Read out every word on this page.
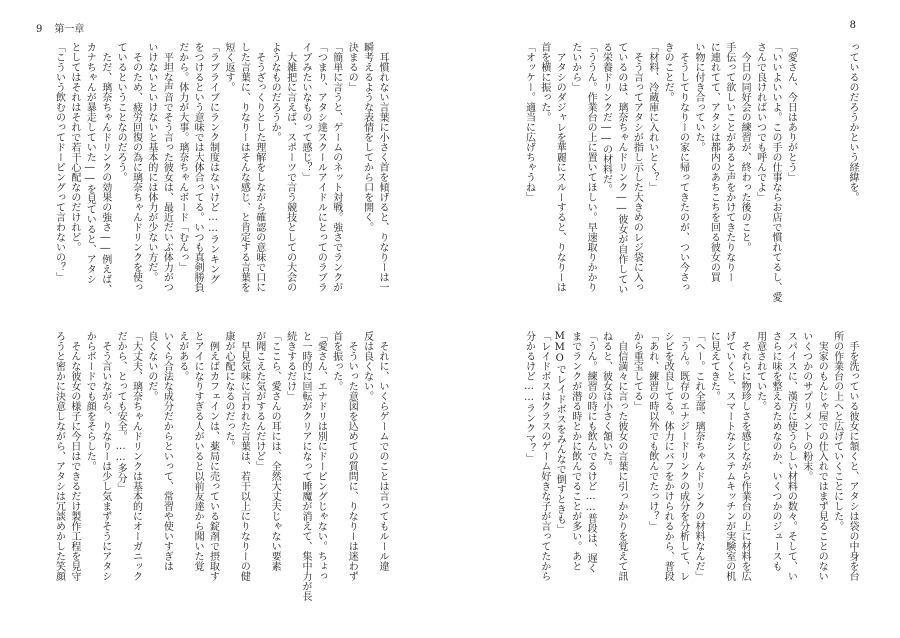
9 第一章
　耳慣れない言葉に小さく首を傾げると、りなりーは一
瞬考えるような表情をしてから口を開く。
決まるの」
「簡単に言うと、ゲームのネット対戦。強さでランクが
「つまり、アタシ達スクールアイドルにとってのラブラ
イブみたいなものって感じ？」
　大雑把に言えば、スポーツで言う競技としての大会の
ようなものだろうか。
　そうざっくりとした理解をしながら確認の意味で口に
した言葉に、りなりーはそんな感じ、と肯定する言葉を
短く返す。
「ラブライブにランク制度はないけど……ランキング
をつけるという意味では大体合ってる。いつも真剣勝負
だから。体力が大事。璃奈ちゃんボード「むんっ」
　平坦な声音でそう言った彼女は、最近だいぶ体力がつ
いけないといけないと基本的には体力が少ない方だ。
　そのため、疲労回復の為に璃奈ちゃんドリンクを使っ
ているということなのだろう。
　ただ、璃奈ちゃんドリンクの効果の強さ――例えば、
カナちゃんが暴走していた――を見ていると、アタシ
としてはそれはそれで若干心配なのだけれど。
「こういう飲むのってドーピングって言わないの？」
　それに、いくらゲームでのことは言ってもルール違
反は良くない。
　そういった意図を込めての質問に、りなりーは迷わず
首を振った。
「愛さん、エナドリは別にドーピングじゃない。ちょっ
と一時的に回転がクリアになって睡魔が消えて、集中力が長
続きするだけ」
「ここら、愛さんの耳には、全然大丈夫じゃない要素
が聞こえた気がするんだけど」
　早見気味に言われた言葉は、若干以上にりなりーの健
康が心配になるのだった。
　例えばカフェインは、薬局に売っている錠剤で摂取す
とアイになりすぎる人がいると以前友達から聞いた覚
えがある。
いくら合法な成分だからといって、常習や使いすぎは
良くないのだ。
「大丈夫、璃奈ちゃんドリンクは基本的にオーガニック
だから、とっても安全。……多分」
　そう言いながら、りなりーは少し気まずそうにアタシ
からボードでも顔をそらした。
　そんな彼女の様子に今日はできるだけ製作工程を見守
ろうと密かに決意しながら、アタシは冗談めかした笑顔
8
っているのだろうかという経緯を。

「愛さん、今日はありがとう」
「いいよいいよ。この手の仕事ならお店で慣れてるし、愛
さんで良ければいつでも呼んでよ」
　今日の同好会の練習が、終わった後のこと。
手伝って欲しいことがあると声をかけてきたりなりー
に連れてて、アタシは都内のあちこちを回る彼女の買
い物に付き合っていた。
　そうしてりなりーの家に帰ってきたのが、つい今さっ
きのことだ。
「材料、冷蔵庫に入れいとく？」
　そう言ってアタシが指し示した大きめのレジ袋に入っ
ているのは、璃奈ちゃんドリンク――彼女が自作してい
る栄養ドリンクだ――の材料だ。
「ううん。作業台の上に置いてほしい。早速取りかかり
たいから」
　アタシのダジャレを華麗にスルーすると、りなりーは
首を横に振った。
「オッケー。適当に広げちゃうね」
　手を洗っている彼女に頷くと、アタシは袋の中身を台
所の作業台の上へと広げていくことにした。
　実家のもんじゃ屋での仕入れではまず見ることのない
いくつかのサプリメントの粉末。
スパイスに、漢方に使うらしい材料の数々。そして、い
さらに味を整えるためなのか、いくつかのジュースも
用意されていた。
　それらに物珍しさを感じながら作業台の上に材料を広
げていくと、スマートなシステムキッチンが実験室の机
に見えてきた。
「へー。これ全部、璃奈ちゃんドリンクの材料なんだ」
「うん。既存のエナジードリンクの成分を分析して、レ
シピを改良してる。体力にバフをかけられるから、普段
「あれ、練習の時以外でも飲んでたっけ？」
から重宝してる」
　自信満々に言った彼女の言葉に引っかかりを覚えて訊
ねると、彼女は小さく頷いた。
「うん。練習の時にも飲んでるけど……普段は、遅く
までランクが潜る時とかに飲んでることが多い。あと
MMOでレイドボスをみんなで倒すときも」
「レイドボスはクラスのゲーム好きな子が言ってたから
分かるけど……ランクマ？」
